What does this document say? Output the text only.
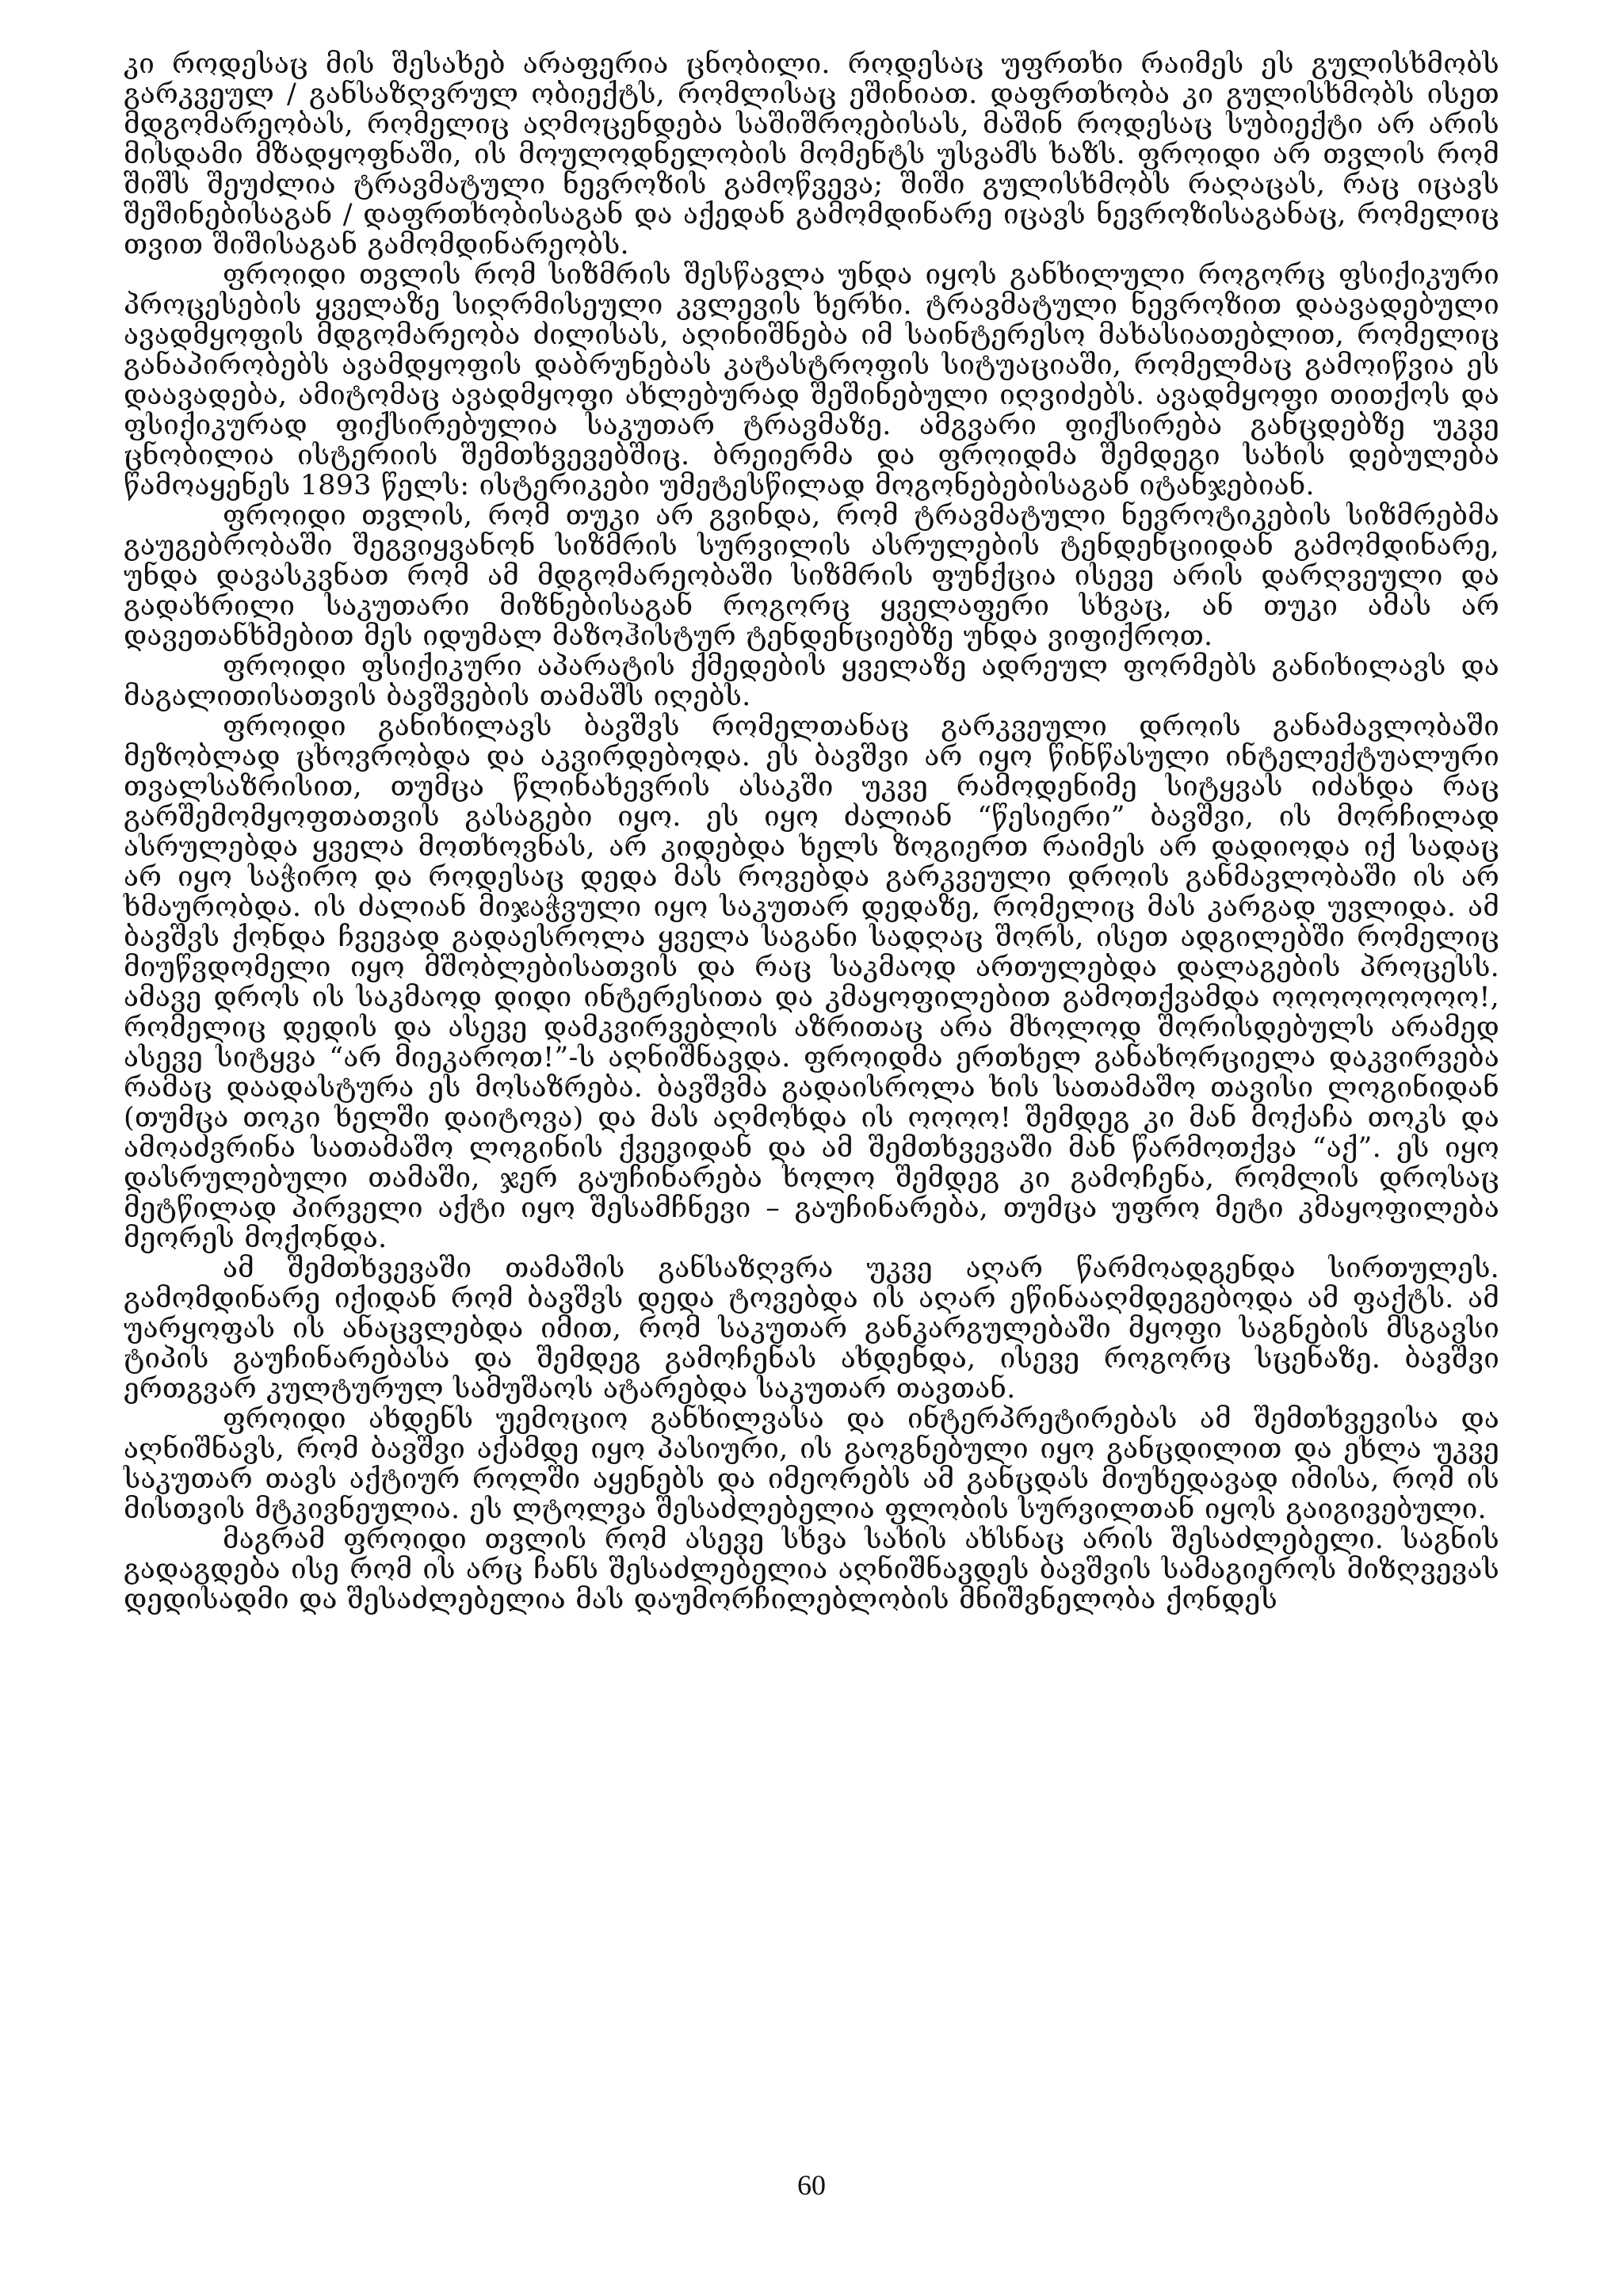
კი როდესაც მის შესახებ არაფერია ცნობილი. როდესაც უფრთხი რაიმეს ეს გულისხმობს გარკვეულ / განსაზღვრულ ობიექტს, რომლისაც ეშინიათ. დაფრთხობა კი გულისხმობს ისეთ მდგომარეობას, რომელიც აღმოცენდება საშიშროებისას, მაშინ როდესაც სუბიექტი არ არის მისდამი მზადყოფნაში, ის მოულოდნელობის მომენტს უსვამს ხაზს. ფროიდი არ თვლის რომ შიშს შეუძლია ტრავმატული ნევროზის გამოწვევა; შიში გულისხმობს რაღაცას, რაც იცავს შეშინებისაგან / დაფრთხობისაგან და აქედან გამომდინარე იცავს ნევროზისაგანაც, რომელიც თვით შიშისაგან გამომდინარეობს.

ფროიდი თვლის რომ სიზმრის შესწავლა უნდა იყოს განხილული როგორც ფსიქიკური პროცესების ყველაზე სიღრმისეული კვლევის ხერხი. ტრავმატული ნევროზით დაავადებული ავადმყოფის მდგომარეობა ძილისას, აღინიშნება იმ საინტერესო მახასიათებლით, რომელიც განაპირობებს ავამდყოფის დაბრუნებას კატასტროფის სიტუაციაში, რომელმაც გამოიწვია ეს დაავადება, ამიტომაც ავადმყოფი ახლებურად შეშინებული იღვიძებს. ავადმყოფი თითქოს და ფსიქიკურად ფიქსირებულია საკუთარ ტრავმაზე. ამგვარი ფიქსირება განცდებზე უკვე ცნობილია ისტერიის შემთხვევებშიც. ბრეიერმა და ფროიდმა შემდეგი სახის დებულება წამოაყენეს 1893 წელს: ისტერიკები უმეტესწილად მოგონებებისაგან იტანჯებიან.

ფროიდი თვლის, რომ თუკი არ გვინდა, რომ ტრავმატული ნევროტიკების სიზმრებმა გაუგებრობაში შეგვიყვანონ სიზმრის სურვილის ასრულების ტენდენციიდან გამომდინარე, უნდა დავასკვნათ რომ ამ მდგომარეობაში სიზმრის ფუნქცია ისევე არის დარღვეული და გადახრილი საკუთარი მიზნებისაგან როგორც ყველაფერი სხვაც, ან თუკი ამას არ დავეთანხმებით მეს იდუმალ მაზოჰისტურ ტენდენციებზე უნდა ვიფიქროთ.

ფროიდი ფსიქიკური აპარატის ქმედების ყველაზე ადრეულ ფორმებს განიხილავს და მაგალითისათვის ბავშვების თამაშს იღებს.

ფროიდი განიხილავს ბავშვს რომელთანაც გარკვეული დროის განამავლობაში მეზობლად ცხოვრობდა და აკვირდებოდა. ეს ბავშვი არ იყო წინწასული ინტელექტუალური თვალსაზრისით, თუმცა წლინახევრის ასაკში უკვე რამოდენიმე სიტყვას იძახდა რაც გარშემომყოფთათვის გასაგები იყო. ეს იყო ძალიან “წესიერი” ბავშვი, ის მორჩილად ასრულებდა ყველა მოთხოვნას, არ კიდებდა ხელს ზოგიერთ რაიმეს არ დადიოდა იქ სადაც არ იყო საჭირო და როდესაც დედა მას როვებდა გარკვეული დროის განმავლობაში ის არ ხმაურობდა. ის ძალიან მიჯაჭვული იყო საკუთარ დედაზე, რომელიც მას კარგად უვლიდა. ამ ბავშვს ქონდა ჩვევად გადაესროლა ყველა საგანი სადღაც შორს, ისეთ ადგილებში რომელიც მიუწვდომელი იყო მშობლებისათვის და რაც საკმაოდ ართულებდა დალაგების პროცესს. ამავე დროს ის საკმაოდ დიდი ინტერესითა და კმაყოფილებით გამოთქვამდა ოოოოოოოოო!, რომელიც დედის და ასევე დამკვირვებლის აზრითაც არა მხოლოდ შორისდებულს არამედ ასევე სიტყვა “არ მიეკაროთ!”-ს აღნიშნავდა. ფროიდმა ერთხელ განახორციელა დაკვირვება რამაც დაადასტურა ეს მოსაზრება. ბავშვმა გადაისროლა ხის სათამაშო თავისი ლოგინიდან (თუმცა თოკი ხელში დაიტოვა) და მას აღმოხდა ის ოოოო! შემდეგ კი მან მოქაჩა თოკს და ამოაძვრინა სათამაშო ლოგინის ქვევიდან და ამ შემთხვევაში მან წარმოთქვა “აქ”. ეს იყო დასრულებული თამაში, ჯერ გაუჩინარება ხოლო შემდეგ კი გამოჩენა, რომლის დროსაც მეტწილად პირველი აქტი იყო შესამჩნევი – გაუჩინარება, თუმცა უფრო მეტი კმაყოფილება მეორეს მოქონდა.

ამ შემთხვევაში თამაშის განსაზღვრა უკვე აღარ წარმოადგენდა სირთულეს. გამომდინარე იქიდან რომ ბავშვს დედა ტოვებდა ის აღარ ეწინააღმდეგებოდა ამ ფაქტს. ამ უარყოფას ის ანაცვლებდა იმით, რომ საკუთარ განკარგულებაში მყოფი საგნების მსგავსი ტიპის გაუჩინარებასა და შემდეგ გამოჩენას ახდენდა, ისევე როგორც სცენაზე. ბავშვი ერთგვარ კულტურულ სამუშაოს ატარებდა საკუთარ თავთან.

ფროიდი ახდენს უემოციო განხილვასა და ინტერპრეტირებას ამ შემთხვევისა და აღნიშნავს, რომ ბავშვი აქამდე იყო პასიური, ის გაოგნებული იყო განცდილით და ეხლა უკვე საკუთარ თავს აქტიურ როლში აყენებს და იმეორებს ამ განცდას მიუხედავად იმისა, რომ ის მისთვის მტკივნეულია. ეს ლტოლვა შესაძლებელია ფლობის სურვილთან იყოს გაიგივებული.

მაგრამ ფროიდი თვლის რომ ასევე სხვა სახის ახსნაც არის შესაძლებელი. საგნის გადაგდება ისე რომ ის არც ჩანს შესაძლებელია აღნიშნავდეს ბავშვის სამაგიეროს მიზღვევას დედისადმი და შესაძლებელია მას დაუმორჩილებლობის მნიშვნელობა ქონდეს

60
